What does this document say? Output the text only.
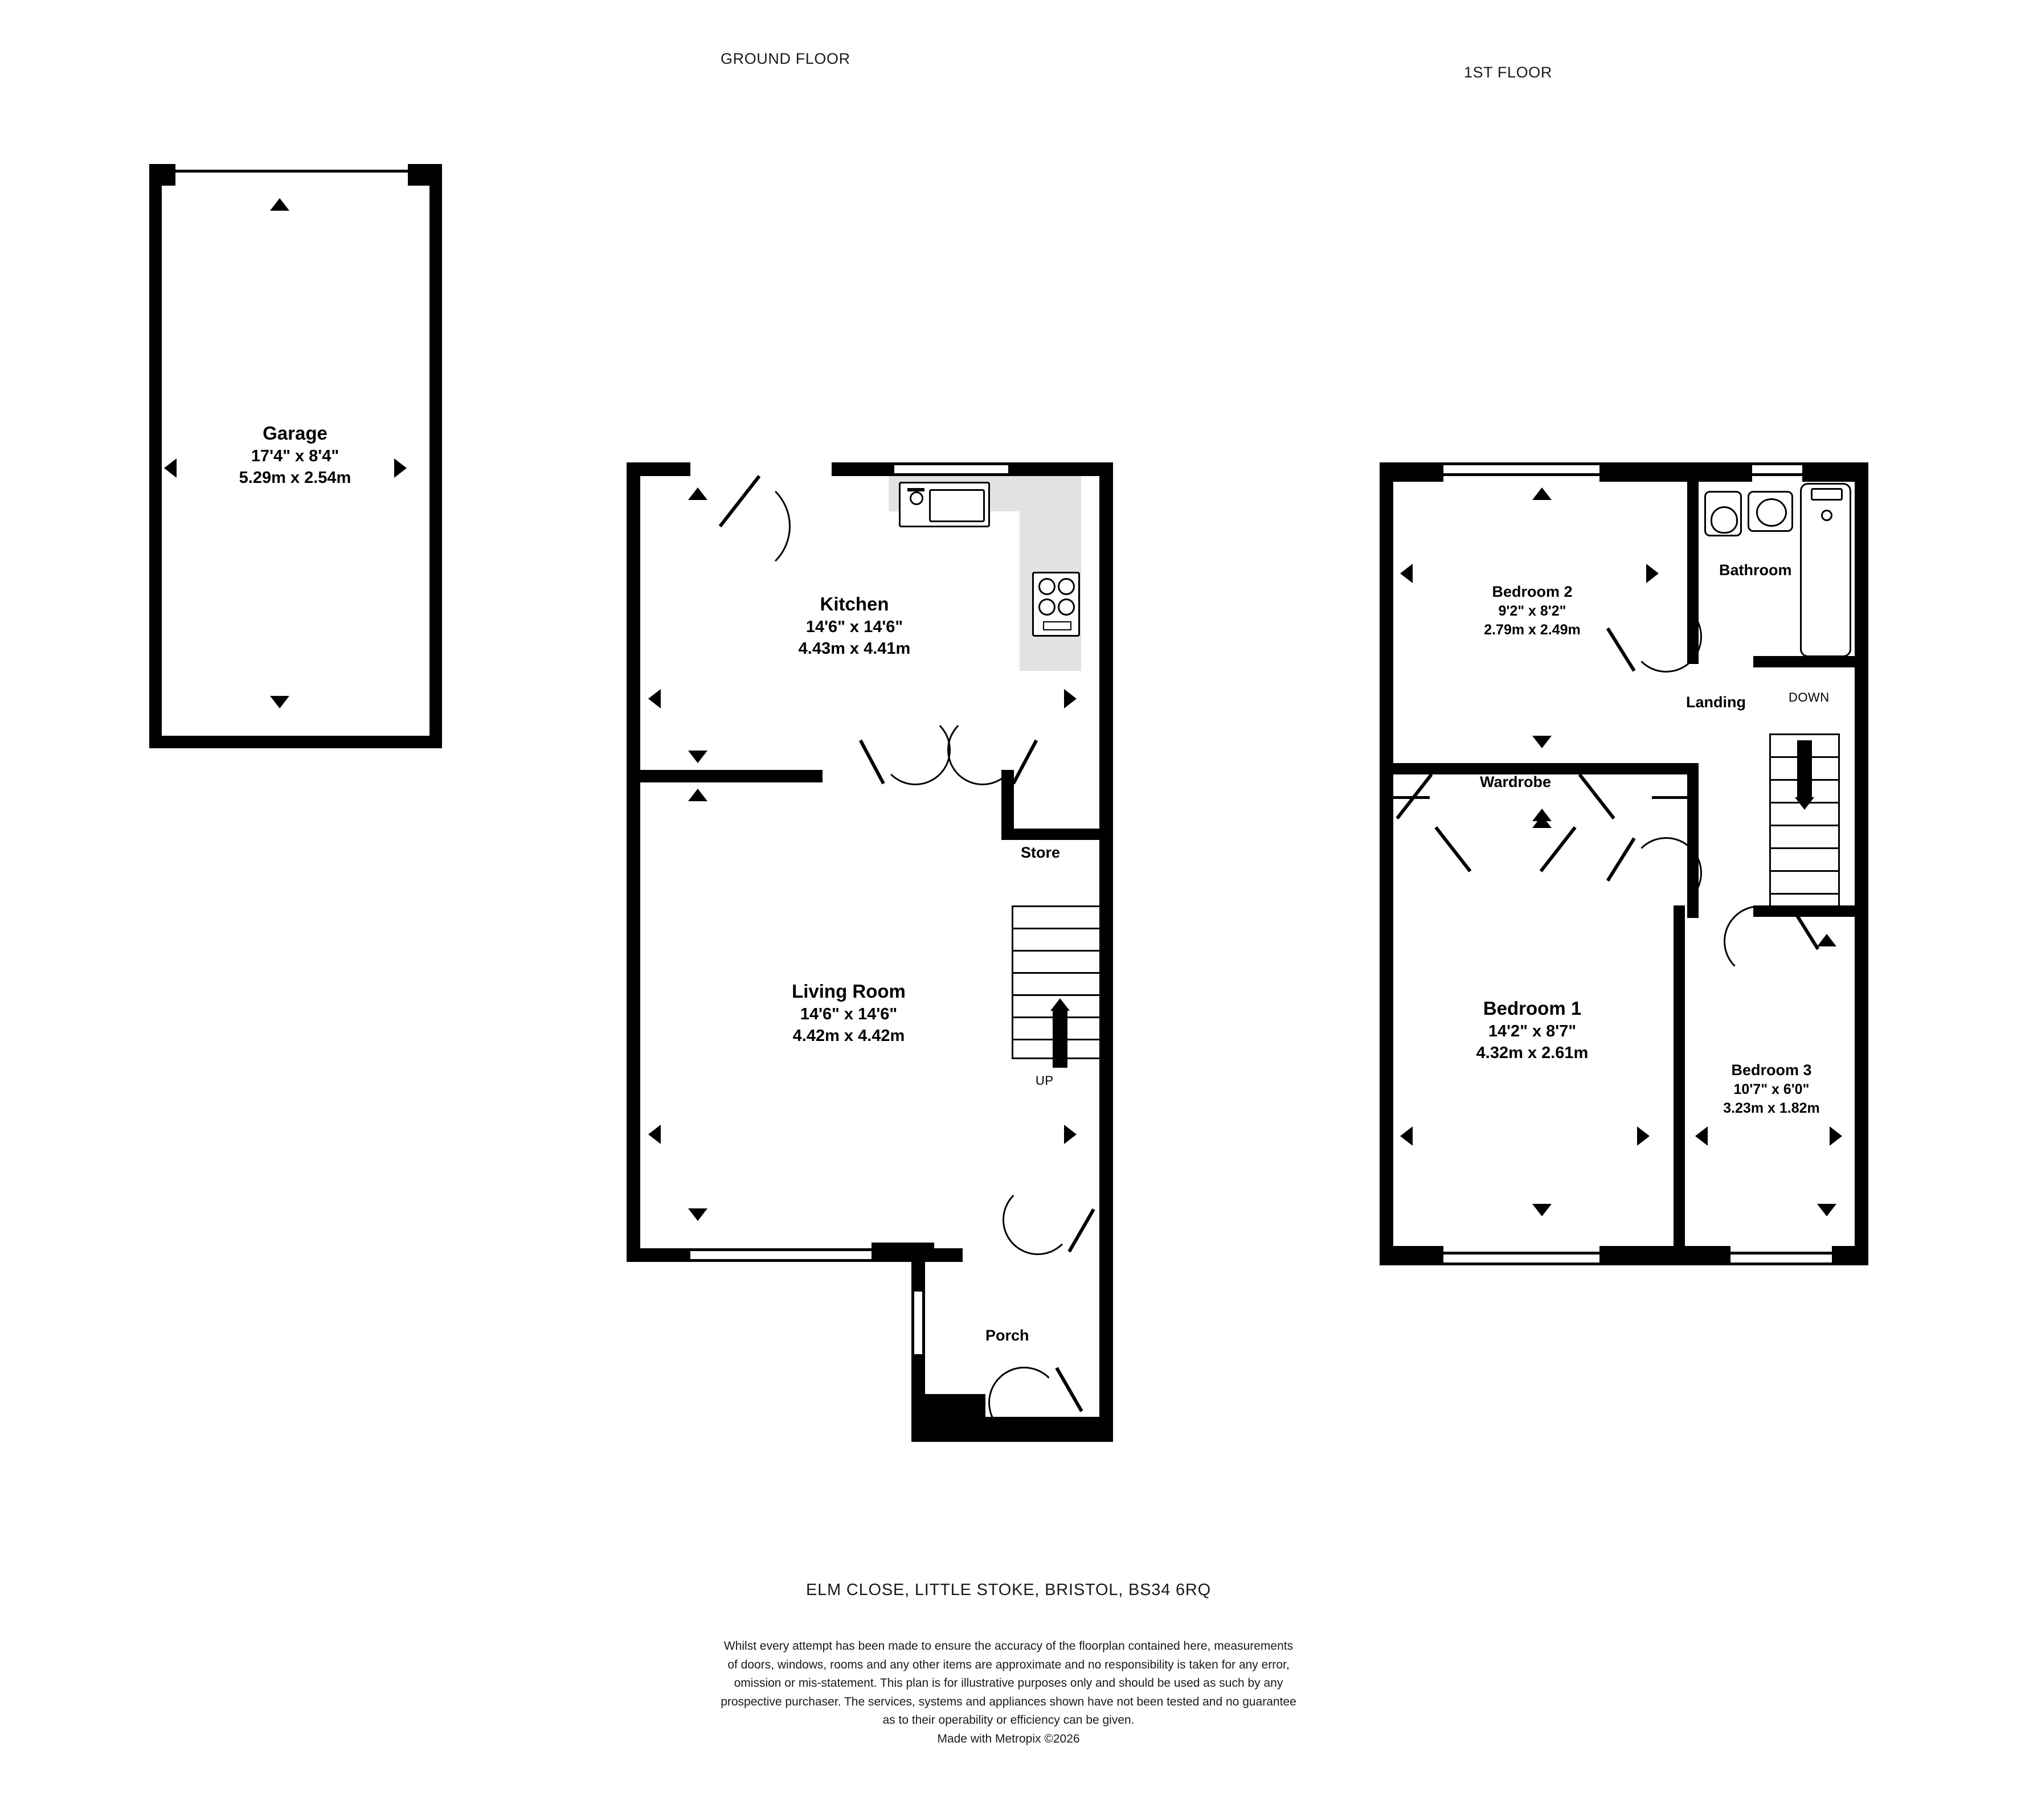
GROUND FLOOR
1ST FLOOR
Garage
17'4" x 8'4"
5.29m x 2.54m
UP
Kitchen
14'6" x 14'6"
4.43m x 4.41m
Living Room
14'6" x 14'6"
4.42m x 4.42m
Store
Porch
DOWN
Bedroom 2
9'2" x 8'2"
2.79m x 2.49m
Bedroom 1
14'2" x 8'7"
4.32m x 2.61m
Bedroom 3
10'7" x 6'0"
3.23m x 1.82m
Bathroom
Landing
Wardrobe
ELM CLOSE, LITTLE STOKE, BRISTOL, BS34 6RQ
Whilst every attempt has been made to ensure the accuracy of the floorplan contained here, measurements
of doors, windows, rooms and any other items are approximate and no responsibility is taken for any error,
omission or mis-statement. This plan is for illustrative purposes only and should be used as such by any
prospective purchaser. The services, systems and appliances shown have not been tested and no guarantee
as to their operability or efficiency can be given.
Made with Metropix ©2026
